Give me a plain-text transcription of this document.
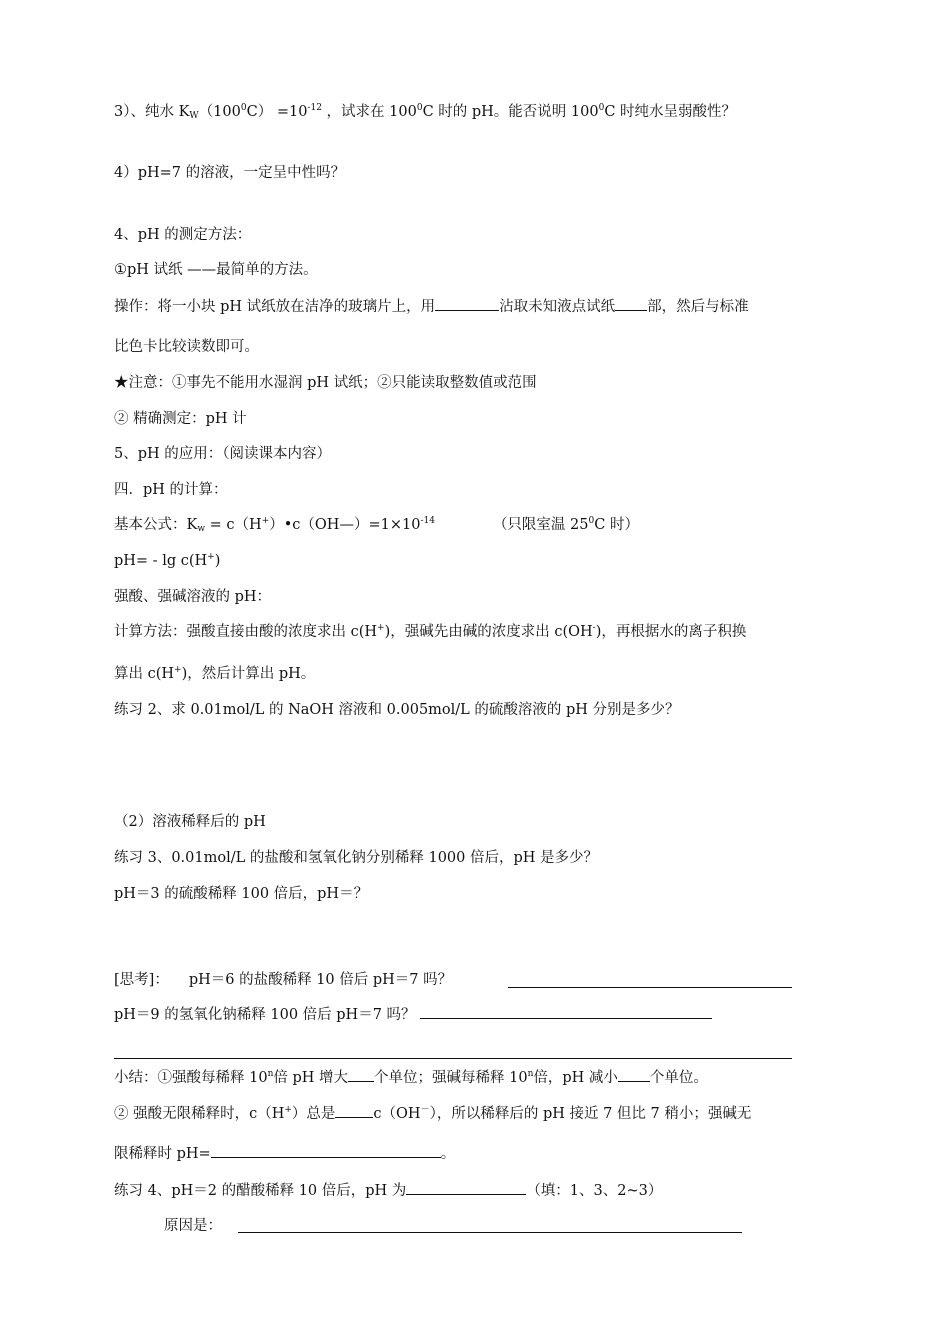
3）、纯水 $K_W(100^0C) =10^{-12}$ ，试求在 $100^0C$ 时的 pH。能否说明 $100^0C$ 时纯水呈弱酸性？
4）pH=7 的溶液，一定呈中性吗？
4、pH 的测定方法：
①pH 试纸 ——最简单的方法。
操作：将一小块 pH 试纸放在洁净的玻璃片上，用	沾取未知液点试纸 部，然后与标准
比色卡比较读数即可。
★注意：①事先不能用水湿润 pH 试纸；②只能读取整数值或范围
② 精确测定：pH 计
5、pH 的应用：（阅读课本内容）
四．pH 的计算：
基本公式：$K_w$ = $c(H^+)•c(OH—)=1\times 10^{-14}$	（只限室温 $25^0C$ 时）
pH= - lg c(H+)
强酸、强碱溶液的 pH：
计算方法：强酸直接由酸的浓度求出 c(H+)，强碱先由碱的浓度求出 c(OH-)，再根据水的离子积换
算出 c(H+)，然后计算出 pH。
练习 2、求 0.01mol/L 的 NaOH 溶液和 0.005mol/L 的硫酸溶液的 pH 分别是多少？
（2）溶液稀释后的 pH
练习 3、0.01mol/L 的盐酸和氢氧化钠分别稀释 1000 倍后，pH 是多少？
pH＝3 的硫酸稀释 100 倍后，pH＝？
[思考]： pH＝6 的盐酸稀释 10 倍后 pH＝7 吗？
pH＝9 的氢氧化钠稀释 100 倍后 pH＝7 吗？
小结：①强酸每稀释 10$^n$倍 pH 增大 个单位；强碱每稀释 10$^n$倍，pH 减小 个单位。
② 强酸无限稀释时，c（H+）总是	c（OH－），所以稀释后的 pH 接近 7 但比 7 稍小；强碱无
限稀释时 pH=	。
练习 4、pH＝2 的醋酸稀释 10 倍后，pH 为	（填：1、3、2~3）
原因是：
